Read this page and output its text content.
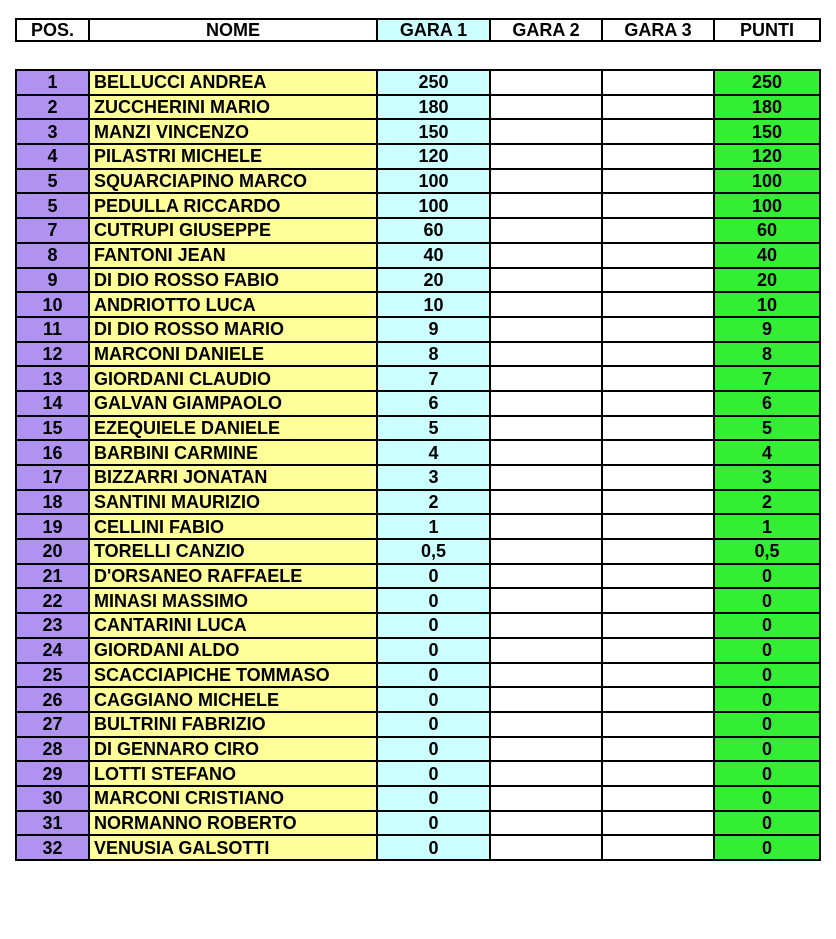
POS.	NOME	GARA 1	GARA 2	GARA 3	PUNTI
1	BELLUCCI ANDREA	250			250
2	ZUCCHERINI MARIO	180			180
3	MANZI VINCENZO	150			150
4	PILASTRI MICHELE	120			120
5	SQUARCIAPINO MARCO	100			100
5	PEDULLA RICCARDO	100			100
7	CUTRUPI GIUSEPPE	60			60
8	FANTONI JEAN	40			40
9	DI DIO ROSSO FABIO	20			20
10	ANDRIOTTO LUCA	10			10
11	DI DIO ROSSO MARIO	9			9
12	MARCONI DANIELE	8			8
13	GIORDANI CLAUDIO	7			7
14	GALVAN GIAMPAOLO	6			6
15	EZEQUIELE DANIELE	5			5
16	BARBINI CARMINE	4			4
17	BIZZARRI JONATAN	3			3
18	SANTINI MAURIZIO	2			2
19	CELLINI FABIO	1			1
20	TORELLI CANZIO	0,5			0,5
21	D'ORSANEO RAFFAELE	0			0
22	MINASI MASSIMO	0			0
23	CANTARINI LUCA	0			0
24	GIORDANI ALDO	0			0
25	SCACCIAPICHE TOMMASO	0			0
26	CAGGIANO MICHELE	0			0
27	BULTRINI FABRIZIO	0			0
28	DI GENNARO CIRO	0			0
29	LOTTI STEFANO	0			0
30	MARCONI CRISTIANO	0			0
31	NORMANNO ROBERTO	0			0
32	VENUSIA GALSOTTI	0			0
